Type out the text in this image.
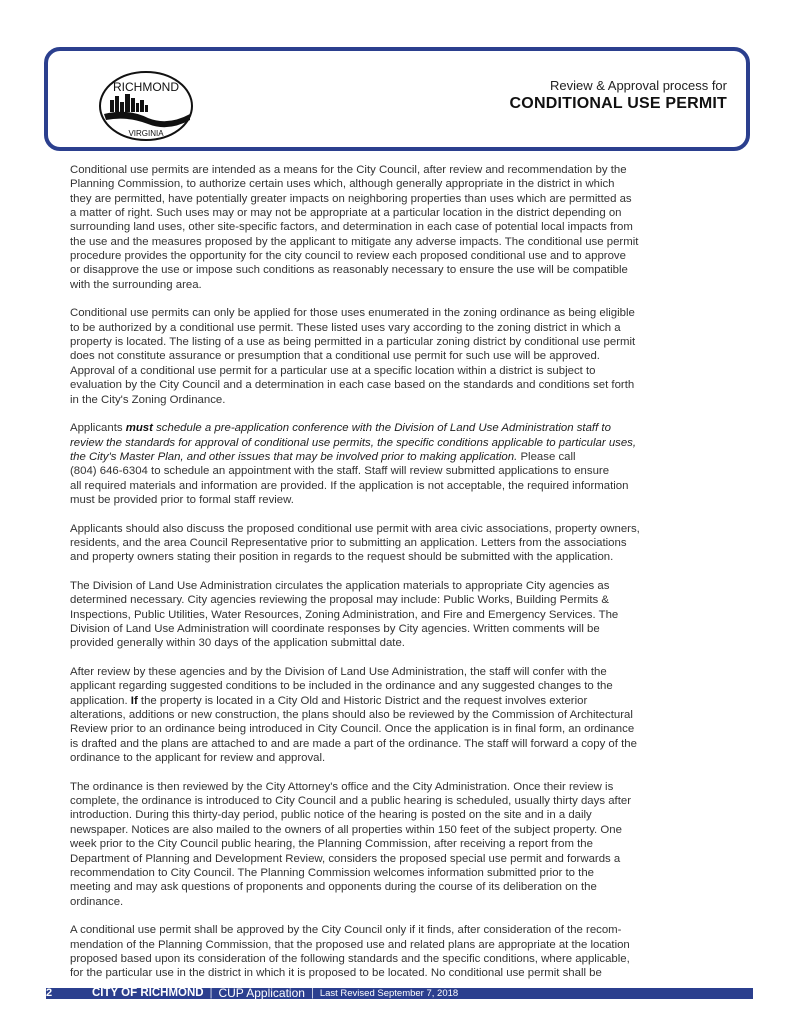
RICHMOND
VIRGINIA
Review & Approval process for
CONDITIONAL USE PERMIT
Conditional use permits are intended as a means for the City Council, after review and recommendation by the
Planning Commission, to authorize certain uses which, although generally appropriate in the district in which
they are permitted, have potentially greater impacts on neighboring properties than uses which are permitted as
a matter of right. Such uses may or may not be appropriate at a particular location in the district depending on
surrounding land uses, other site-specific factors, and determination in each case of potential local impacts from
the use and the measures proposed by the applicant to mitigate any adverse impacts. The conditional use permit
procedure provides the opportunity for the city council to review each proposed conditional use and to approve
or disapprove the use or impose such conditions as reasonably necessary to ensure the use will be compatible
with the surrounding area.
Conditional use permits can only be applied for those uses enumerated in the zoning ordinance as being eligible
to be authorized by a conditional use permit. These listed uses vary according to the zoning district in which a
property is located. The listing of a use as being permitted in a particular zoning district by conditional use permit
does not constitute assurance or presumption that a conditional use permit for such use will be approved.
Approval of a conditional use permit for a particular use at a specific location within a district is subject to
evaluation by the City Council and a determination in each case based on the standards and conditions set forth
in the City's Zoning Ordinance.
Applicants must schedule a pre-application conference with the Division of Land Use Administration staff to
review the standards for approval of conditional use permits, the specific conditions applicable to particular uses,
the City's Master Plan, and other issues that may be involved prior to making application. Please call
(804) 646-6304 to schedule an appointment with the staff. Staff will review submitted applications to ensure
all required materials and information are provided. If the application is not acceptable, the required information
must be provided prior to formal staff review.
Applicants should also discuss the proposed conditional use permit with area civic associations, property owners,
residents, and the area Council Representative prior to submitting an application. Letters from the associations
and property owners stating their position in regards to the request should be submitted with the application.
The Division of Land Use Administration circulates the application materials to appropriate City agencies as
determined necessary. City agencies reviewing the proposal may include: Public Works, Building Permits &
Inspections, Public Utilities, Water Resources, Zoning Administration, and Fire and Emergency Services. The
Division of Land Use Administration will coordinate responses by City agencies. Written comments will be
provided generally within 30 days of the application submittal date.
After review by these agencies and by the Division of Land Use Administration, the staff will confer with the
applicant regarding suggested conditions to be included in the ordinance and any suggested changes to the
application. If the property is located in a City Old and Historic District and the request involves exterior
alterations, additions or new construction, the plans should also be reviewed by the Commission of Architectural
Review prior to an ordinance being introduced in City Council. Once the application is in final form, an ordinance
is drafted and the plans are attached to and are made a part of the ordinance. The staff will forward a copy of the
ordinance to the applicant for review and approval.
The ordinance is then reviewed by the City Attorney's office and the City Administration. Once their review is
complete, the ordinance is introduced to City Council and a public hearing is scheduled, usually thirty days after
introduction. During this thirty-day period, public notice of the hearing is posted on the site and in a daily
newspaper. Notices are also mailed to the owners of all properties within 150 feet of the subject property. One
week prior to the City Council public hearing, the Planning Commission, after receiving a report from the
Department of Planning and Development Review, considers the proposed special use permit and forwards a
recommendation to City Council. The Planning Commission welcomes information submitted prior to the
meeting and may ask questions of proponents and opponents during the course of its deliberation on the
ordinance.
A conditional use permit shall be approved by the City Council only if it finds, after consideration of the recom-
mendation of the Planning Commission, that the proposed use and related plans are appropriate at the location
proposed based upon its consideration of the following standards and the specific conditions, where applicable,
for the particular use in the district in which it is proposed to be located. No conditional use permit shall be
2	CITY OF RICHMOND | CUP Application | Last Revised September 7, 2018
